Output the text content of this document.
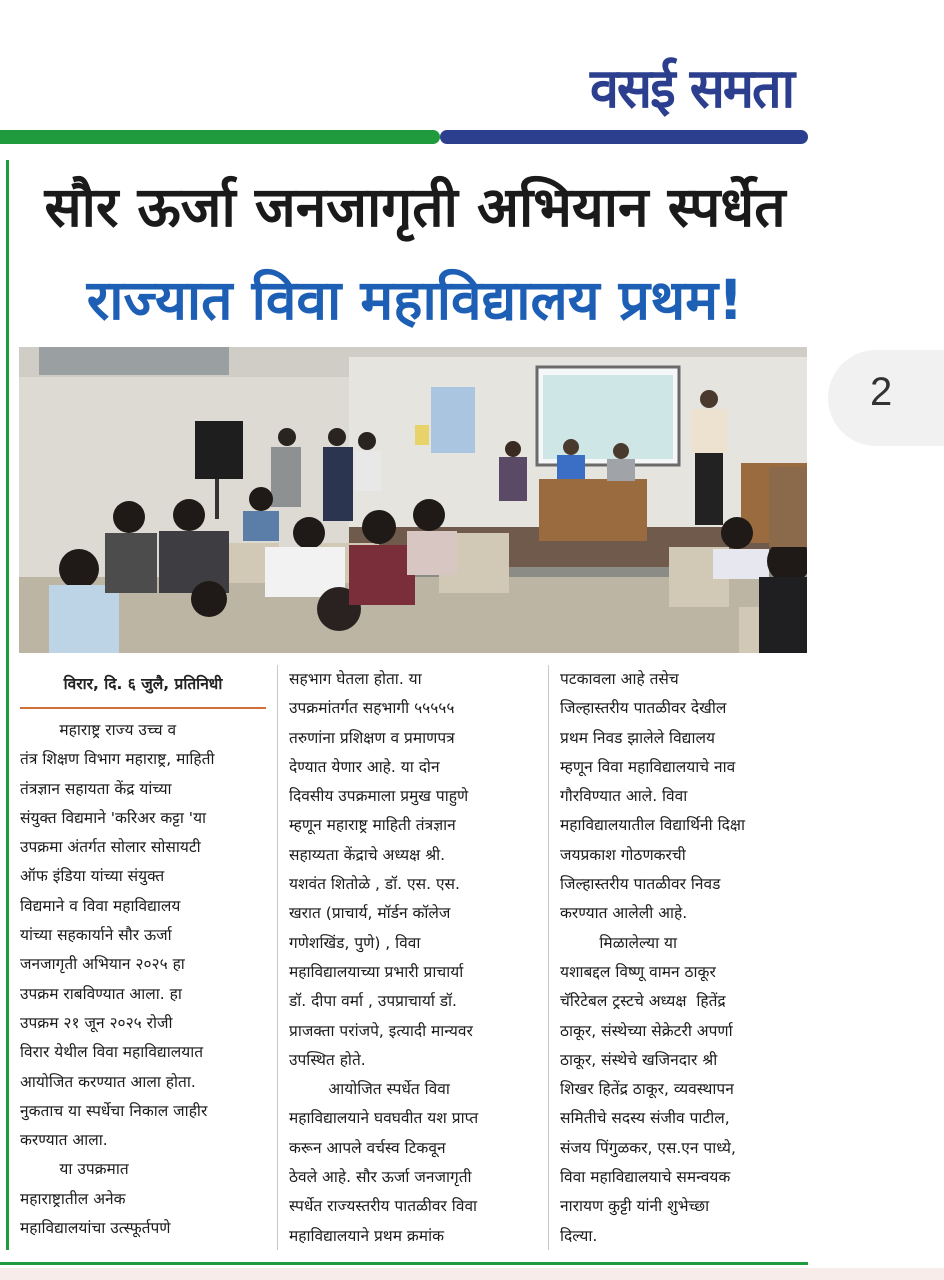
वसई समता
सौर ऊर्जा जनजागृती अभियान स्पर्धेत
राज्यात विवा महाविद्यालय प्रथम!
2
विरार, दि. ६ जुलै, प्रतिनिधी

महाराष्ट्र राज्य उच्च व

तंत्र शिक्षण विभाग महाराष्ट्र, माहिती

तंत्रज्ञान सहायता केंद्र यांच्या

संयुक्त विद्यमाने 'करिअर कट्टा 'या

उपक्रमा अंतर्गत सोलार सोसायटी

ऑफ इंडिया यांच्या संयुक्त

विद्यमाने व विवा महाविद्यालय

यांच्या सहकार्याने सौर ऊर्जा

जनजागृती अभियान २०२५ हा

उपक्रम राबविण्यात आला. हा

उपक्रम २१ जून २०२५ रोजी

विरार येथील विवा महाविद्यालयात

आयोजित करण्यात आला होता.

नुकताच या स्पर्धेचा निकाल जाहीर

करण्यात आला.

या उपक्रमात

महाराष्ट्रातील अनेक

महाविद्यालयांचा उत्स्फूर्तपणे

सहभाग घेतला होता. या

उपक्रमांतर्गत सहभागी ५५५५५

तरुणांना प्रशिक्षण व प्रमाणपत्र

देण्यात येणार आहे. या दोन

दिवसीय उपक्रमाला प्रमुख पाहुणे

म्हणून महाराष्ट्र माहिती तंत्रज्ञान

सहाय्यता केंद्राचे अध्यक्ष श्री.

यशवंत शितोळे , डॉ. एस. एस.

खरात (प्राचार्य, मॉर्डन कॉलेज

गणेशखिंड, पुणे) , विवा

महाविद्यालयाच्या प्रभारी प्राचार्या

डॉ. दीपा वर्मा , उपप्राचार्या डॉ.

प्राजक्ता परांजपे, इत्यादी मान्यवर

उपस्थित होते.

आयोजित स्पर्धेत विवा

महाविद्यालयाने घवघवीत यश प्राप्त

करून आपले वर्चस्व टिकवून

ठेवले आहे. सौर ऊर्जा जनजागृती

स्पर्धेत राज्यस्तरीय पातळीवर विवा

महाविद्यालयाने प्रथम क्रमांक

पटकावला आहे तसेच

जिल्हास्तरीय पातळीवर देखील

प्रथम निवड झालेले विद्यालय

म्हणून विवा महाविद्यालयाचे नाव

गौरविण्यात आले. विवा

महाविद्यालयातील विद्यार्थिनी दिक्षा

जयप्रकाश गोठणकरची

जिल्हास्तरीय पातळीवर निवड

करण्यात आलेली आहे.

मिळालेल्या या

यशाबद्दल विष्णू वामन ठाकूर

चॅरिटेबल ट्रस्टचे अध्यक्ष  हितेंद्र

ठाकूर, संस्थेच्या सेक्रेटरी अपर्णा

ठाकूर, संस्थेचे खजिनदार श्री

शिखर हितेंद्र ठाकूर, व्यवस्थापन

समितीचे सदस्य संजीव पाटील,

संजय पिंगुळकर, एस.एन पाध्ये,

विवा महाविद्यालयाचे समन्वयक

नारायण कुट्टी यांनी शुभेच्छा

दिल्या.
